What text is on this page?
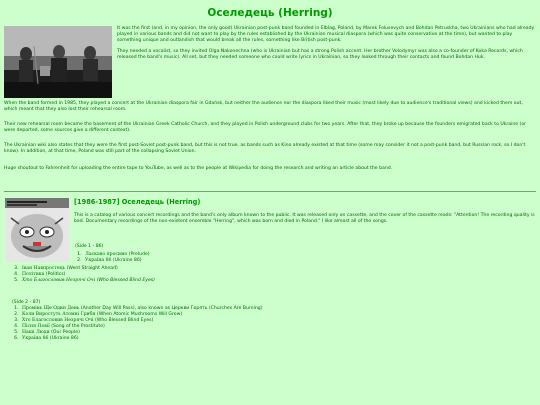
Оселедець (Herring)

It was the first (and, in my opinion, the only good) Ukrainian post-punk band founded in Elblag, Poland, by Marek Folusevych and Bohdan Petruskha, two Ukrainians who had already played in various bands and did not want to play by the rules established by the Ukrainian musical diaspora (which was quite conservative at the time), but wanted to play something unique and outlandish that would break all the rules, something like British post-punk.

They needed a vocalist, so they invited Olga Nakonechna (who is Ukrainian but has a strong Polish accent. Her brother Volodymyr was also a co-founder of Koka Records, which released the band's music). All set, but they needed someone who could write lyrics in Ukrainian, so they looked through their contacts and found Bohdan Huk.

When the band formed in 1985, they played a concert at the Ukrainian diaspora fair in Gdańsk, but neither the audience nor the diaspora liked their music (most likely due to audience's traditional views) and kicked them out, which meant that they also lost their rehearsal room.

Their new rehearsal room became the basement of the Ukrainian Greek Catholic Church, and they played in Polish underground clubs for two years. After that, they broke up because the founders emigrated back to Ukraine (or were deported, some sources give a different context).

The Ukrainian wiki also states that they were the first post-Soviet post-punk band, but this is not true, as bands such as Kino already existed at that time (some may consider it not a post-punk band, but Russian rock, so I don't know). In addition, at that time, Poland was still part of the collapsing Soviet Union.

Huge shoutout to Fahrenheit for uploading the entire tape to YouTube, as well as to the people at Wikipedia for doing the research and writing an article about the band.

[1986-1987] Оселедець (Herring)

This is a catalog of various concert recordings and the band's only album known to the public. It was released only on cassette, and the cover of the cassette reads: "Attention! The recording quality is bad. Documentary recordings of the non-existent ensemble "Herring", which was born and died in Poland." I like almost all of the songs.

(Side 1 - 86)

1. Ласкаво просимо (Prelude)
2. Україна 86 (Ukraine 86)
3. Іван Навпростець (Went Straight Ahead)
4. Політика (Politics)
5. Хто Благословив Незрячі Очі (Who Blessed Blind Eyes)

(Side 2 - 87)

1. Промінь Ще Один День (Another Day Will Pass), also known as Церкви Горять (Churches Are Burning)
2. Коли Виростуть Атомні Гриби (When Atomic Mushrooms Will Grow)
3. Хто Благословив Незрячі Очі (Who Blessed Blind Eyes)
4. Пісня Повії (Song of the Prostitute)
5. Наші Люди (Our People)
6. Україна 86 (Ukraine 86)
